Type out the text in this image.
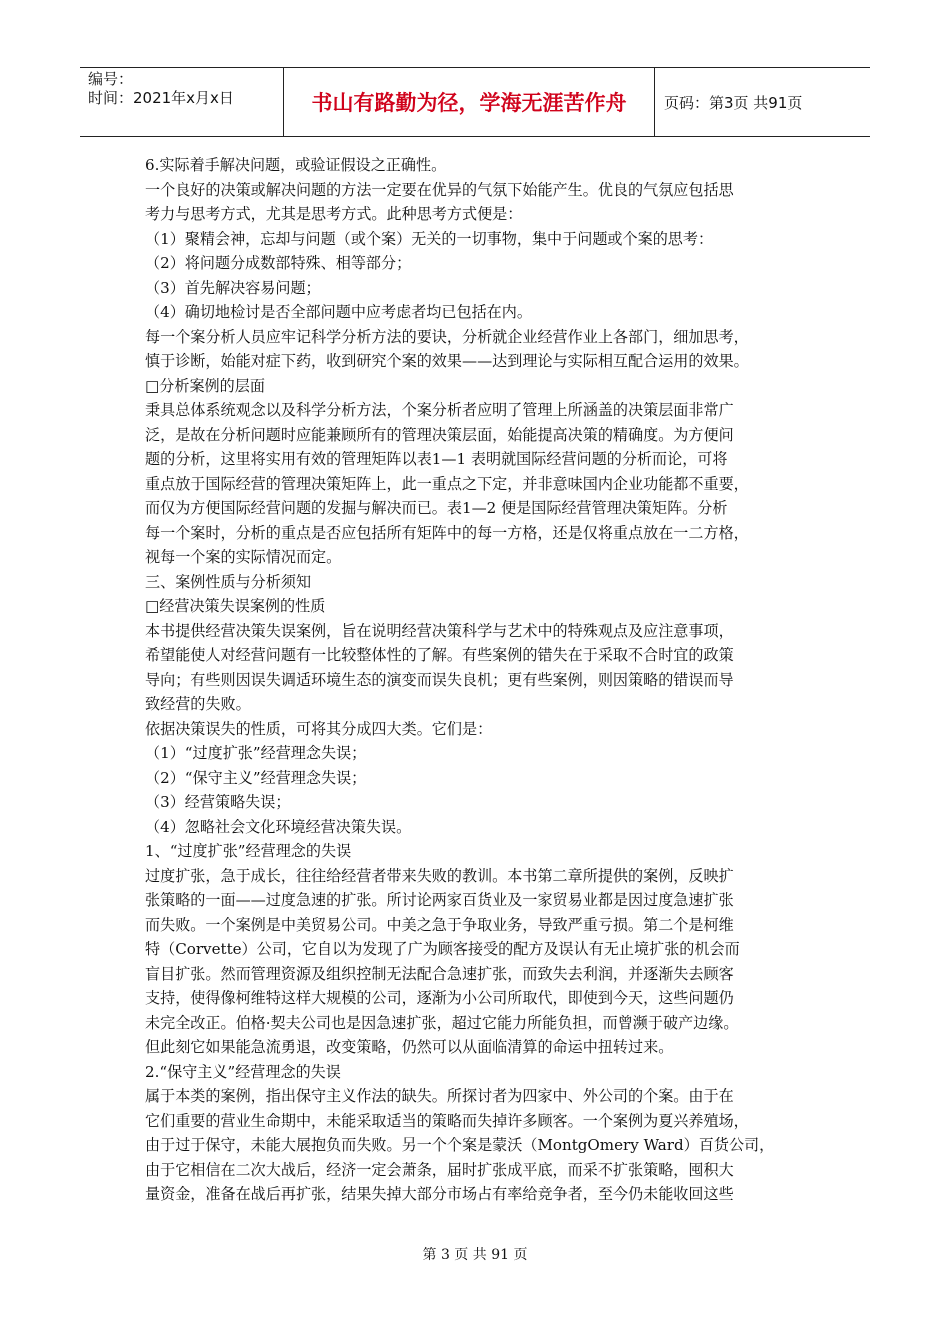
编号：
时间：2021年x月x日	书山有路勤为径，学海无涯苦作舟	页码：第3页 共91页

6.实际着手解决问题，或验证假设之正确性。

一个良好的决策或解决问题的方法一定要在优异的气氛下始能产生。优良的气氛应包括思

考力与思考方式，尤其是思考方式。此种思考方式便是：

（1）聚精会神，忘却与问题（或个案）无关的一切事物，集中于问题或个案的思考：

（2）将问题分成数部特殊、相等部分；

（3）首先解决容易问题；

（4）确切地检讨是否全部问题中应考虑者均已包括在内。

每一个案分析人员应牢记科学分析方法的要诀，分析就企业经营作业上各部门，细加思考，

慎于诊断，始能对症下药，收到研究个案的效果——达到理论与实际相互配合运用的效果。

□分析案例的层面

秉具总体系统观念以及科学分析方法，个案分析者应明了管理上所涵盖的决策层面非常广

泛，是故在分析问题时应能兼顾所有的管理决策层面，始能提高决策的精确度。为方便问

题的分析，这里将实用有效的管理矩阵以表1—1 表明就国际经营问题的分析而论，可将

重点放于国际经营的管理决策矩阵上，此一重点之下定，并非意味国内企业功能都不重要，

而仅为方便国际经营问题的发掘与解决而已。表1—2 便是国际经营管理决策矩阵。分析

每一个案时，分析的重点是否应包括所有矩阵中的每一方格，还是仅将重点放在一二方格，

视每一个案的实际情况而定。

三、案例性质与分析须知

□经营决策失误案例的性质

本书提供经营决策失误案例，旨在说明经营决策科学与艺术中的特殊观点及应注意事项，

希望能使人对经营问题有一比较整体性的了解。有些案例的错失在于采取不合时宜的政策

导向；有些则因误失调适环境生态的演变而误失良机；更有些案例，则因策略的错误而导

致经营的失败。

依据决策误失的性质，可将其分成四大类。它们是：

（1）“过度扩张”经营理念失误；

（2）“保守主义”经营理念失误；

（3）经营策略失误；

（4）忽略社会文化环境经营决策失误。

1、“过度扩张”经营理念的失误

过度扩张，急于成长，往往给经营者带来失败的教训。本书第二章所提供的案例，反映扩

张策略的一面——过度急速的扩张。所讨论两家百货业及一家贸易业都是因过度急速扩张

而失败。一个案例是中美贸易公司。中美之急于争取业务，导致严重亏损。第二个是柯维

特（Corvette）公司，它自以为发现了广为顾客接受的配方及误认有无止境扩张的机会而

盲目扩张。然而管理资源及组织控制无法配合急速扩张，而致失去利润，并逐渐失去顾客

支持，使得像柯维特这样大规模的公司，逐渐为小公司所取代，即使到今天，这些问题仍

未完全改正。伯格·契夫公司也是因急速扩张，超过它能力所能负担，而曾濒于破产边缘。

但此刻它如果能急流勇退，改变策略，仍然可以从面临清算的命运中扭转过来。

2.“保守主义”经营理念的失误

属于本类的案例，指出保守主义作法的缺失。所探讨者为四家中、外公司的个案。由于在

它们重要的营业生命期中，未能采取适当的策略而失掉许多顾客。一个案例为夏兴养殖场，

由于过于保守，未能大展抱负而失败。另一个个案是蒙沃（MontgOmery Ward）百货公司，

由于它相信在二次大战后，经济一定会萧条，届时扩张成平底，而采不扩张策略，囤积大

量资金，准备在战后再扩张，结果失掉大部分市场占有率给竞争者，至今仍未能收回这些

第 3 页 共 91 页
